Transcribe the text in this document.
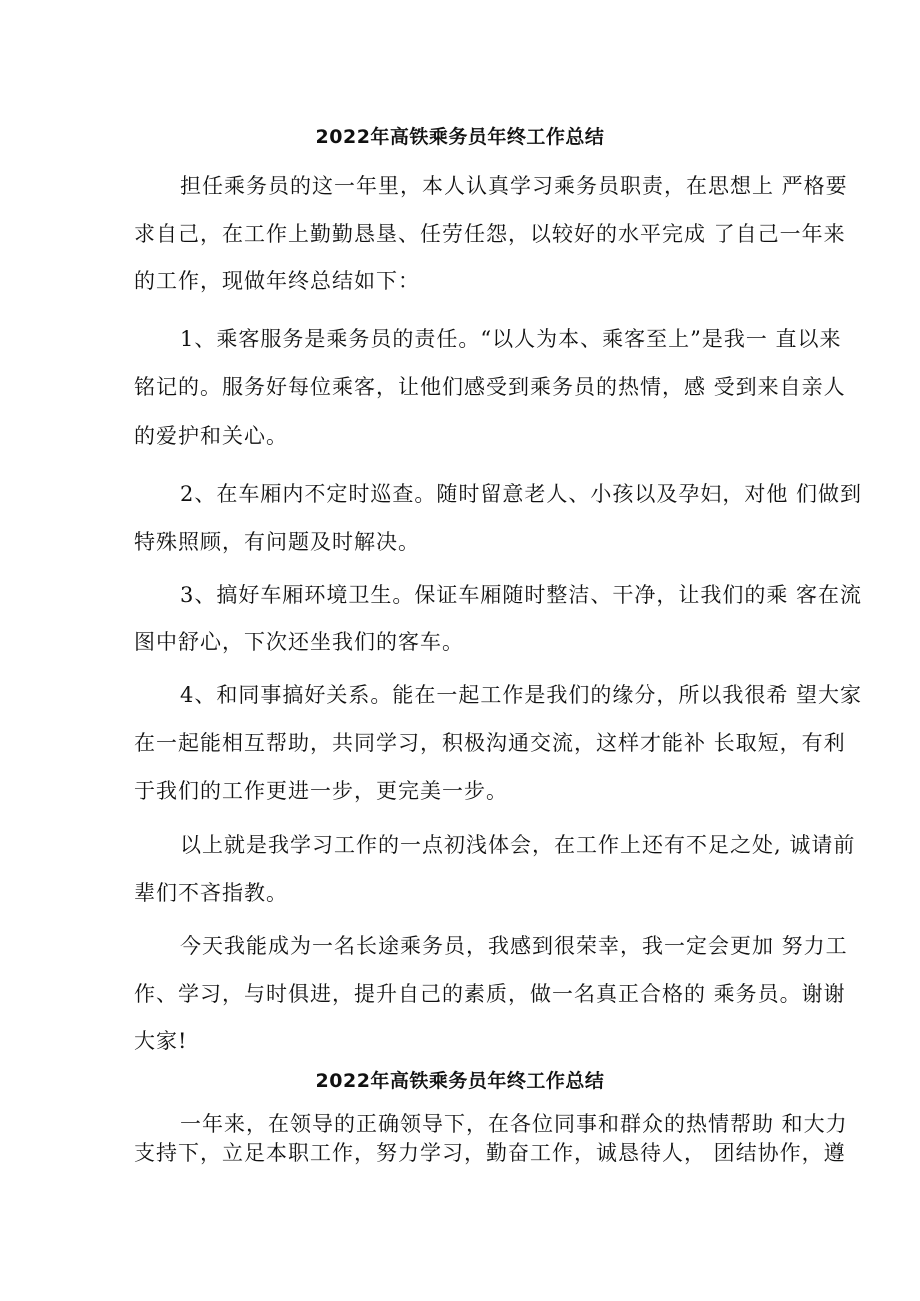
2022年高铁乘务员年终工作总结
担任乘务员的这一年里，本人认真学习乘务员职责，在思想上 严格要
求自己，在工作上勤勤恳垦、任劳任怨，以较好的水平完成 了自己一年来
的工作，现做年终总结如下：
1、乘客服务是乘务员的责任。“以人为本、乘客至上”是我一 直以来
铭记的。服务好每位乘客，让他们感受到乘务员的热情，感 受到来自亲人
的爱护和关心。
2、在车厢内不定时巡查。随时留意老人、小孩以及孕妇，对他 们做到
特殊照顾，有问题及时解决。
3、搞好车厢环境卫生。保证车厢随时整洁、干净，让我们的乘 客在流
图中舒心，下次还坐我们的客车。
4、和同事搞好关系。能在一起工作是我们的缘分，所以我很希 望大家
在一起能相互帮助，共同学习，积极沟通交流，这样才能补 长取短，有利
于我们的工作更进一步，更完美一步。
以上就是我学习工作的一点初浅体会，在工作上还有不足之处, 诚请前
辈们不吝指教。
今天我能成为一名长途乘务员，我感到很荣幸，我一定会更加 努力工
作、学习，与时俱进，提升自己的素质，做一名真正合格的 乘务员。谢谢
大家!
2022年高铁乘务员年终工作总结
一年来，在领导的正确领导下，在各位同事和群众的热情帮助 和大力
支持下，立足本职工作，努力学习，勤奋工作，诚恳待人， 团结协作，遵
